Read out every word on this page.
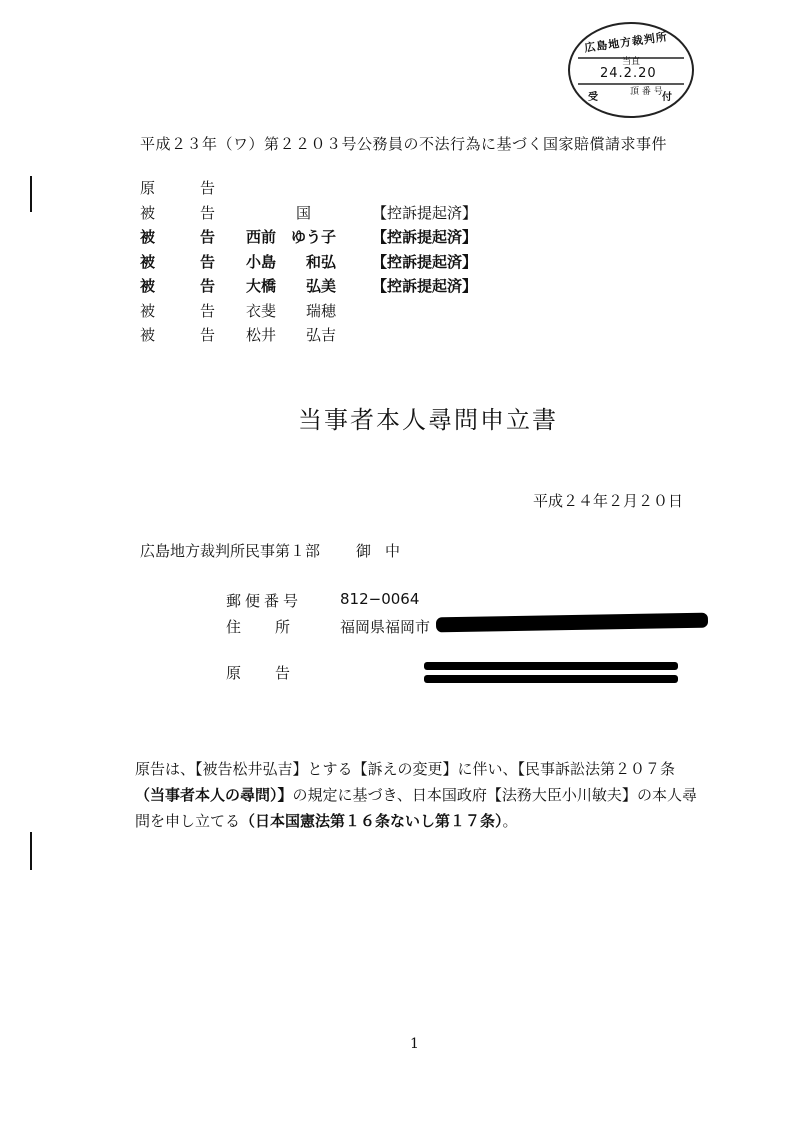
広島地方裁判所
当直
24.2.20
受	頂 番 号 付
平成２３年（ワ）第２２０３号公務員の不法行為に基づく国家賠償請求事件
原	告
被	告	国	【控訴提起済】
被	告 西前　ゆう子 【控訴提起済】
被	告 小島　　和弘 【控訴提起済】
被	告 大橋　　弘美 【控訴提起済】
被	告 衣斐　　瑞穂
被	告 松井　　弘吉
当事者本人尋問申立書
平成２４年２月２０日
広島地方裁判所民事第１部 御中
郵便番号	812−0064
住所 福岡県福岡市
原告
原告は、【被告松井弘吉】とする【訴えの変更】に伴い、【民事訴訟法第２０７条（当事者本人の尋問）】の規定に基づき、日本国政府【法務大臣小川敏夫】の本人尋問を申し立てる（日本国憲法第１６条ないし第１７条）。
1
